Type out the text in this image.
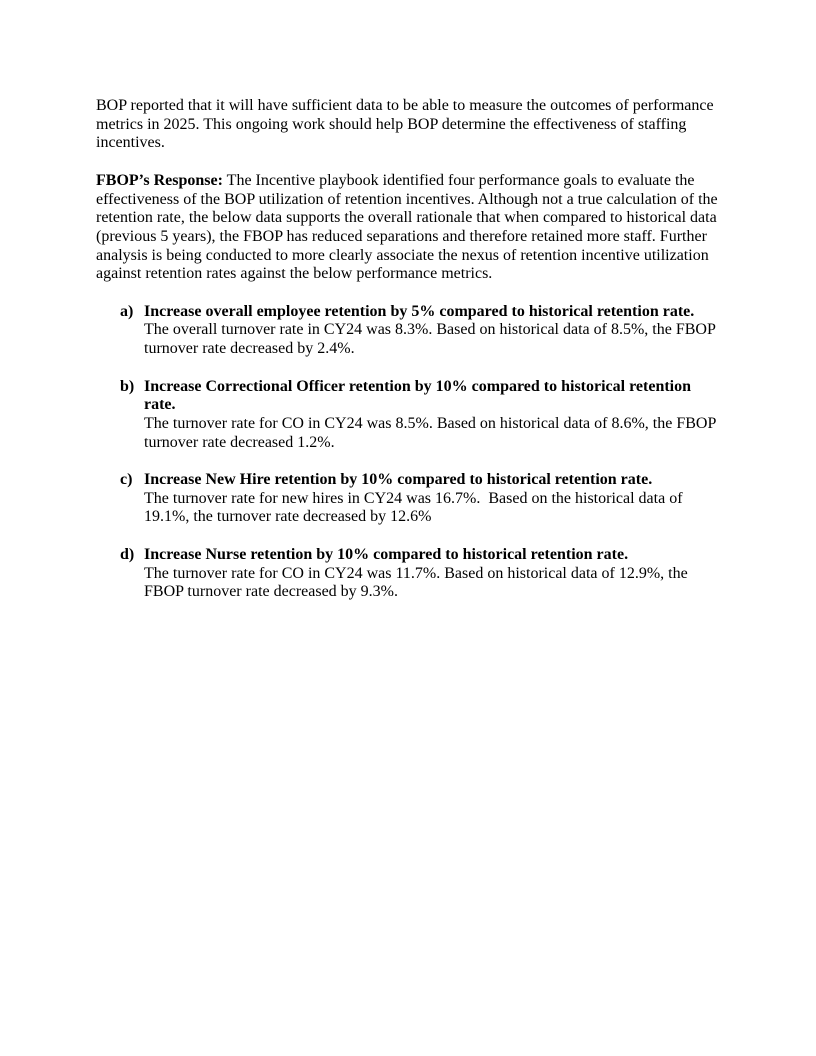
BOP reported that it will have sufficient data to be able to measure the outcomes of performance metrics in 2025. This ongoing work should help BOP determine the effectiveness of staffing incentives.

FBOP’s Response: The Incentive playbook identified four performance goals to evaluate the effectiveness of the BOP utilization of retention incentives. Although not a true calculation of the retention rate, the below data supports the overall rationale that when compared to historical data (previous 5 years), the FBOP has reduced separations and therefore retained more staff. Further analysis is being conducted to more clearly associate the nexus of retention incentive utilization against retention rates against the below performance metrics.

a) Increase overall employee retention by 5% compared to historical retention rate.
The overall turnover rate in CY24 was 8.3%. Based on historical data of 8.5%, the FBOP turnover rate decreased by 2.4%.
b) Increase Correctional Officer retention by 10% compared to historical retention rate.
The turnover rate for CO in CY24 was 8.5%. Based on historical data of 8.6%, the FBOP turnover rate decreased 1.2%.
c) Increase New Hire retention by 10% compared to historical retention rate.
The turnover rate for new hires in CY24 was 16.7%.  Based on the historical data of 19.1%, the turnover rate decreased by 12.6%
d) Increase Nurse retention by 10% compared to historical retention rate.
The turnover rate for CO in CY24 was 11.7%. Based on historical data of 12.9%, the FBOP turnover rate decreased by 9.3%.
